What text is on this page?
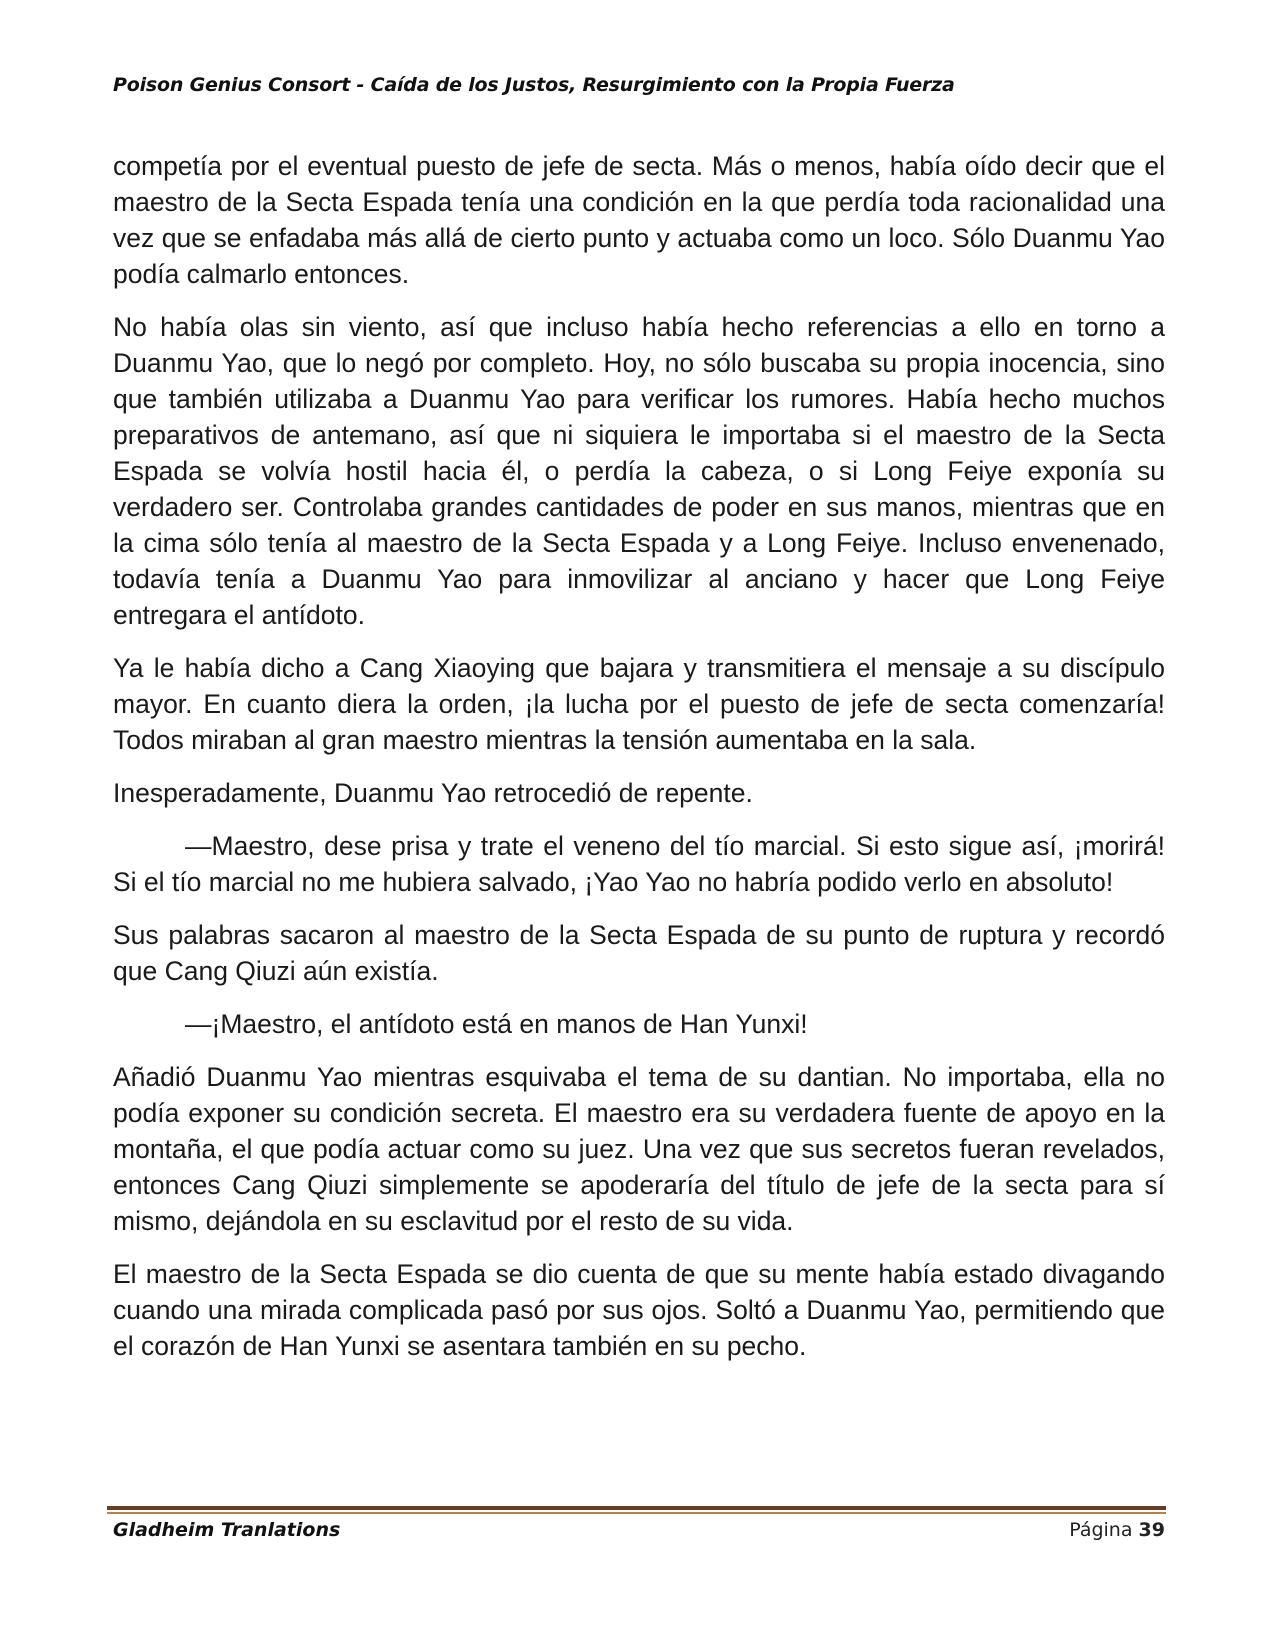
Poison Genius Consort - Caída de los Justos, Resurgimiento con la Propia Fuerza

competía por el eventual puesto de jefe de secta. Más o menos, había oído decir que el maestro de la Secta Espada tenía una condición en la que perdía toda racionalidad una vez que se enfadaba más allá de cierto punto y actuaba como un loco. Sólo Duanmu Yao podía calmarlo entonces.

No había olas sin viento, así que incluso había hecho referencias a ello en torno a Duanmu Yao, que lo negó por completo. Hoy, no sólo buscaba su propia inocencia, sino que también utilizaba a Duanmu Yao para verificar los rumores. Había hecho muchos preparativos de antemano, así que ni siquiera le importaba si el maestro de la Secta Espada se volvía hostil hacia él, o perdía la cabeza, o si Long Feiye exponía su verdadero ser. Controlaba grandes cantidades de poder en sus manos, mientras que en la cima sólo tenía al maestro de la Secta Espada y a Long Feiye. Incluso envenenado, todavía tenía a Duanmu Yao para inmovilizar al anciano y hacer que Long Feiye entregara el antídoto.

Ya le había dicho a Cang Xiaoying que bajara y transmitiera el mensaje a su discípulo mayor. En cuanto diera la orden, ¡la lucha por el puesto de jefe de secta comenzaría! Todos miraban al gran maestro mientras la tensión aumentaba en la sala.

Inesperadamente, Duanmu Yao retrocedió de repente.

—Maestro, dese prisa y trate el veneno del tío marcial. Si esto sigue así, ¡morirá! Si el tío marcial no me hubiera salvado, ¡Yao Yao no habría podido verlo en absoluto!

Sus palabras sacaron al maestro de la Secta Espada de su punto de ruptura y recordó que Cang Qiuzi aún existía.

—¡Maestro, el antídoto está en manos de Han Yunxi!

Añadió Duanmu Yao mientras esquivaba el tema de su dantian. No importaba, ella no podía exponer su condición secreta. El maestro era su verdadera fuente de apoyo en la montaña, el que podía actuar como su juez. Una vez que sus secretos fueran revelados, entonces Cang Qiuzi simplemente se apoderaría del título de jefe de la secta para sí mismo, dejándola en su esclavitud por el resto de su vida.

El maestro de la Secta Espada se dio cuenta de que su mente había estado divagando cuando una mirada complicada pasó por sus ojos. Soltó a Duanmu Yao, permitiendo que el corazón de Han Yunxi se asentara también en su pecho.

Gladheim Tranlations	Página 39
